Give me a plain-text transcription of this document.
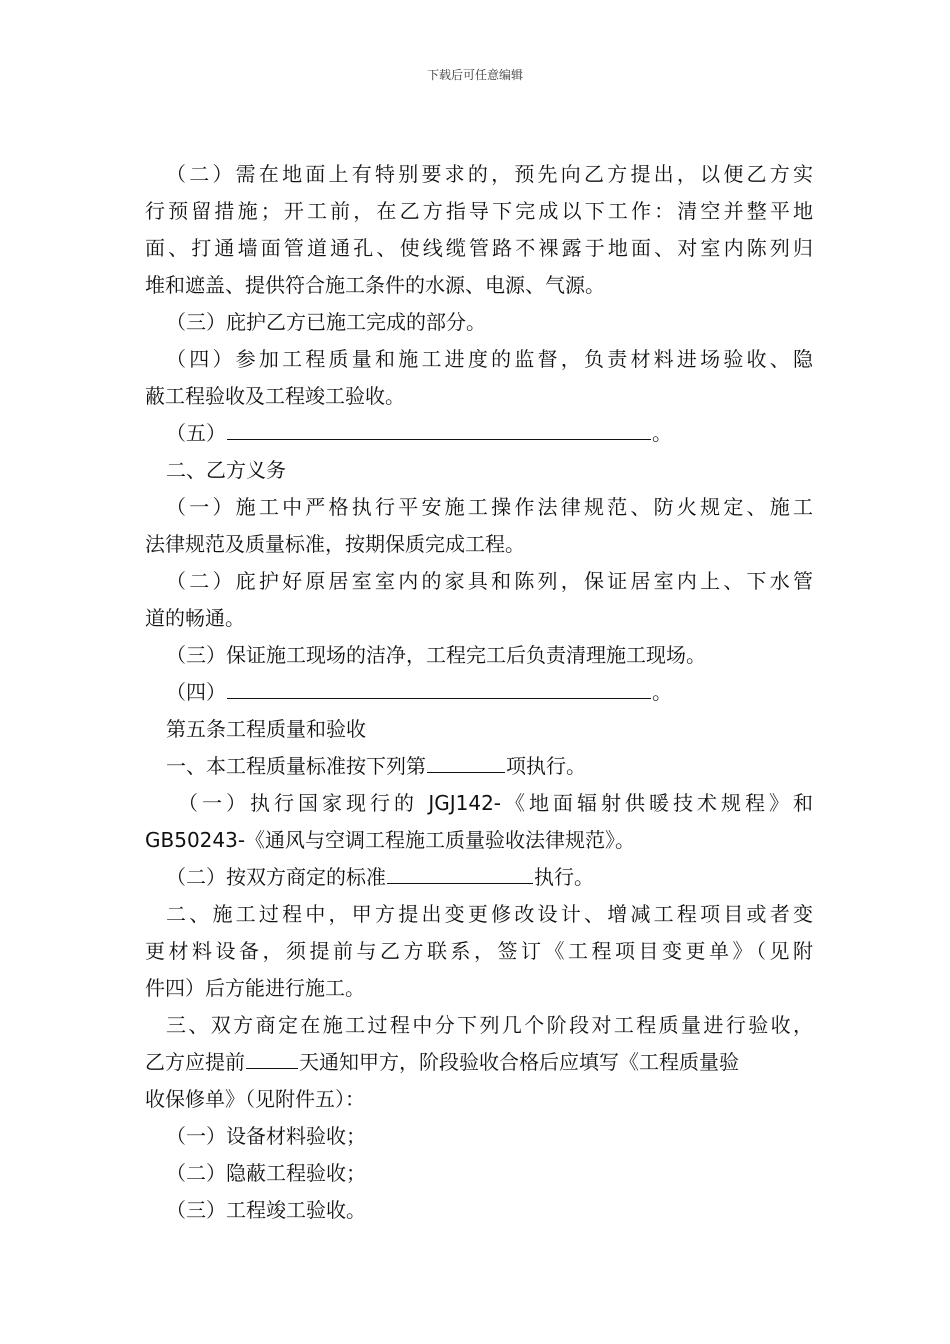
下载后可任意编辑
（二）需在地面上有特别要求的，预先向乙方提出，以便乙方实
行预留措施；开工前，在乙方指导下完成以下工作：清空并整平地
面、打通墙面管道通孔、使线缆管路不裸露于地面、对室内陈列归
堆和遮盖、提供符合施工条件的水源、电源、气源。
（三）庇护乙方已施工完成的部分。
（四）参加工程质量和施工进度的监督，负责材料进场验收、隐
蔽工程验收及工程竣工验收。
（五）	。
二、乙方义务
（一）施工中严格执行平安施工操作法律规范、防火规定、施工
法律规范及质量标准，按期保质完成工程。
（二）庇护好原居室室内的家具和陈列，保证居室内上、下水管
道的畅通。
（三）保证施工现场的洁净，工程完工后负责清理施工现场。
（四）	。
第五条工程质量和验收
一、本工程质量标准按下列第	项执行。
（一）执行国家现行的 JGJ142-《地面辐射供暖技术规程》和
GB50243-《通风与空调工程施工质量验收法律规范》。
（二）按双方商定的标准	执行。
二、施工过程中，甲方提出变更修改设计、增减工程项目或者变
更材料设备，须提前与乙方联系，签订《工程项目变更单》（见附
件四）后方能进行施工。
三、双方商定在施工过程中分下列几个阶段对工程质量进行验收，
乙方应提前	天通知甲方，阶段验收合格后应填写《工程质量验
收保修单》（见附件五）：
（一）设备材料验收；
（二）隐蔽工程验收；
（三）工程竣工验收。
